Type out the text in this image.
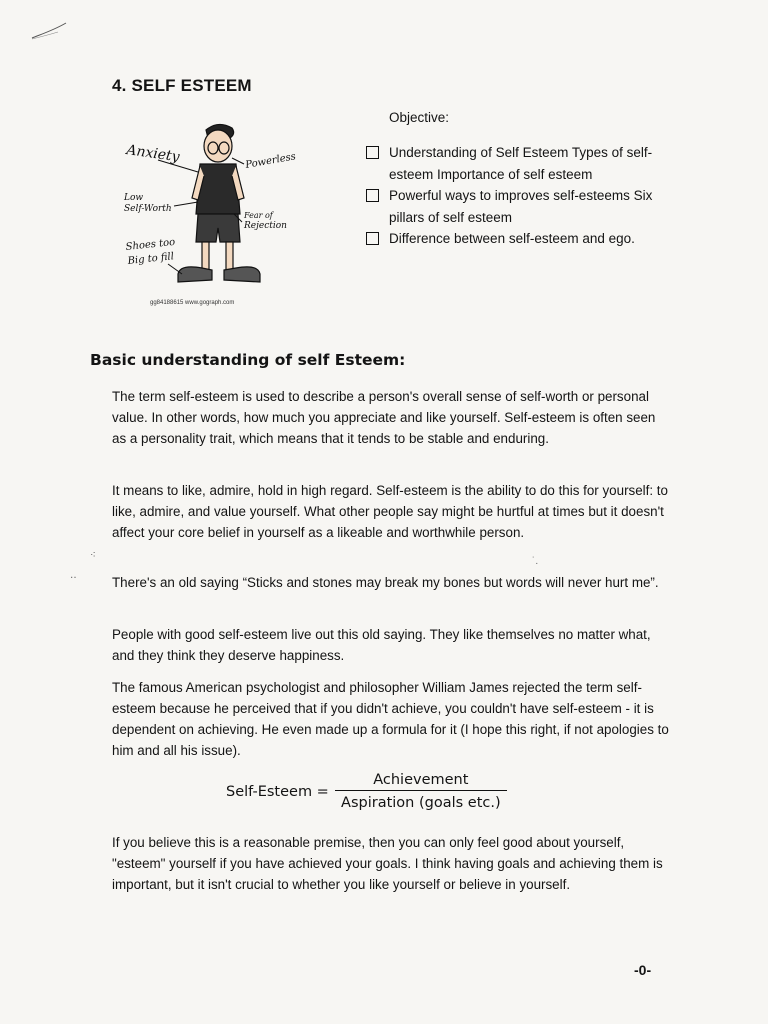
4. SELF ESTEEM
Anxiety	Powerless
Low
Self-Worth
Fear of
Rejection
Shoes too
Big to fill
gg84188615 www.gograph.com
Objective:
Understanding of Self Esteem Types of self-esteem Importance of self esteem
Powerful ways to improves self-esteems Six pillars of self esteem
Difference between self-esteem and ego.
Basic understanding of self Esteem:
The term self-esteem is used to describe a person's overall sense of self-worth or personal value. In other words, how much you appreciate and like yourself. Self-esteem is often seen as a personality trait, which means that it tends to be stable and enduring.
It means to like, admire, hold in high regard. Self-esteem is the ability to do this for yourself: to like, admire, and value yourself. What other people say might be hurtful at times but it doesn't affect your core belief in yourself as a likeable and worthwhile person.
There's an old saying “Sticks and stones may break my bones but words will never hurt me”.
People with good self-esteem live out this old saying. They like themselves no matter what, and they think they deserve happiness.
The famous American psychologist and philosopher William James rejected the term self-esteem because he perceived that if you didn't achieve, you couldn't have self-esteem - it is dependent on achieving. He even made up a formula for it (I hope this right, if not apologies to him and all his issue).
Self-Esteem = $\frac{\text{Achievement}}{\text{Aspiration (goals etc.)}}$
If you believe this is a reasonable premise, then you can only feel good about yourself, "esteem" yourself if you have achieved your goals. I think having goals and achieving them is important, but it isn't crucial to whether you like yourself or believe in yourself.
⁖
‥
˙.
-0-
